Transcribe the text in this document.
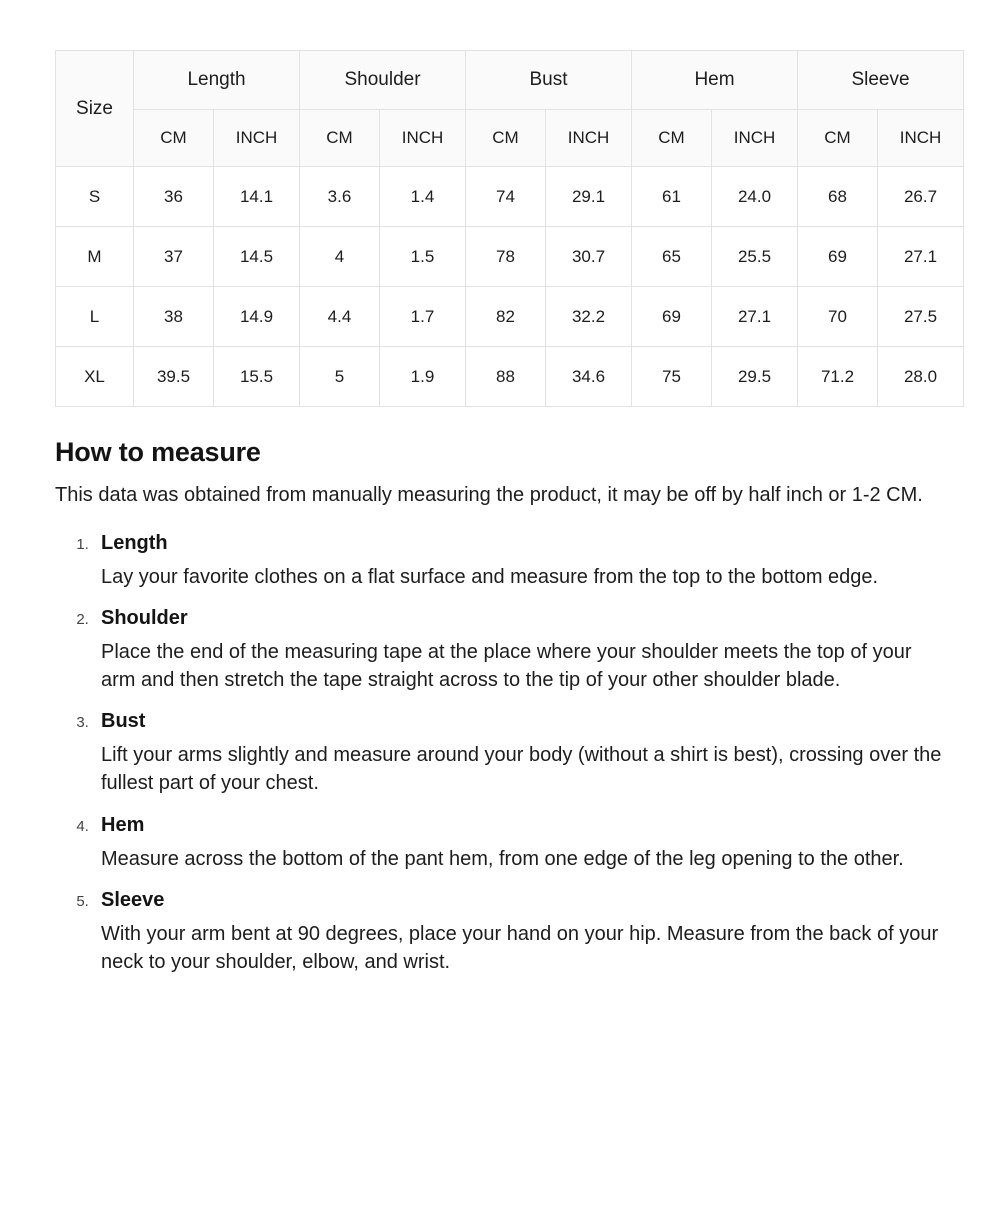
Size	Length		Shoulder		Bust		Hem		Sleeve	
	CM	INCH	CM	INCH	CM	INCH	CM	INCH	CM	INCH
S	36	14.1	3.6	1.4	74	29.1	61	24.0	68	26.7
M	37	14.5	4	1.5	78	30.7	65	25.5	69	27.1
L	38	14.9	4.4	1.7	82	32.2	69	27.1	70	27.5
XL	39.5	15.5	5	1.9	88	34.6	75	29.5	71.2	28.0
How to measure

This data was obtained from manually measuring the product, it may be off by half inch or 1-2 CM.

1. Length
Lay your favorite clothes on a flat surface and measure from the top to the bottom edge.
2. Shoulder
Place the end of the measuring tape at the place where your shoulder meets the top of your arm and then stretch the tape straight across to the tip of your other shoulder blade.
3. Bust
Lift your arms slightly and measure around your body (without a shirt is best), crossing over the fullest part of your chest.
4. Hem
Measure across the bottom of the pant hem, from one edge of the leg opening to the other.
5. Sleeve
With your arm bent at 90 degrees, place your hand on your hip. Measure from the back of your neck to your shoulder, elbow, and wrist.
